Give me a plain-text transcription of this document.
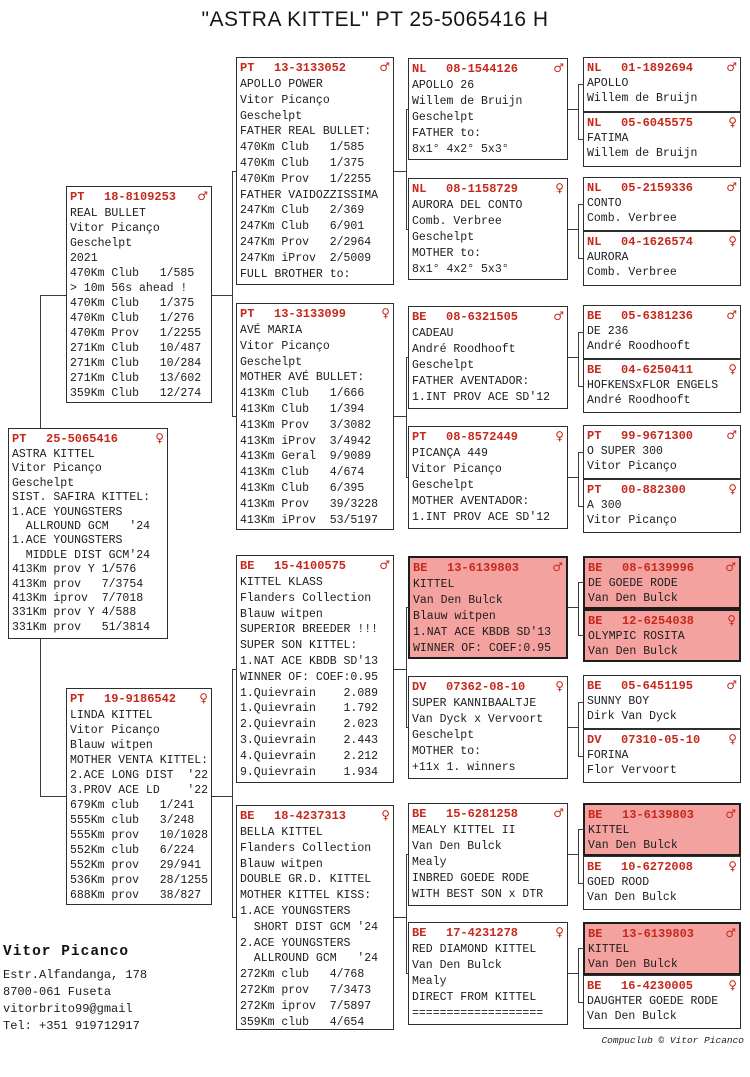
"ASTRA KITTEL" PT 25-5065416 H
PT	25-5065416	♀
ASTRA KITTEL
Vitor Picanço
Geschelpt
SIST. SAFIRA KITTEL:
1.ACE YOUNGSTERS
ALLROUND GCM   '24
1.ACE YOUNGSTERS
MIDDLE DIST GCM'24
413Km prov Y 1/576
413Km prov   7/3754
413Km iprov  7/7018
331Km prov Y 4/588
331Km prov   51/3814
PT	18-8109253	♂
REAL BULLET
Vitor Picanço
Geschelpt
2021
470Km Club   1/585
> 10m 56s ahead !
470Km Club   1/375
470Km Club   1/276
470Km Prov   1/2255
271Km Club   10/487
271Km Club   10/284
271Km Club   13/602
359Km Club   12/274
PT	19-9186542	♀
LINDA KITTEL
Vitor Picanço
Blauw witpen
MOTHER VENTA KITTEL:
2.ACE LONG DIST  '22
3.PROV ACE LD    '22
679Km club   1/241
555Km club   3/248
555Km prov   10/1028
552Km club   6/224
552Km prov   29/941
536Km prov   28/1255
688Km prov   38/827
PT	13-3133052	♂
APOLLO POWER
Vitor Picanço
Geschelpt
FATHER REAL BULLET:
470Km Club   1/585
470Km Club   1/375
470Km Prov   1/2255
FATHER VAIDOZZISSIMA
247Km Club   2/369
247Km Club   6/901
247Km Prov   2/2964
247Km iProv  2/5009
FULL BROTHER to:
PT	13-3133099	♀
AVÉ MARIA
Vitor Picanço
Geschelpt
MOTHER AVÉ BULLET:
413Km Club   1/666
413Km Club   1/394
413Km Prov   3/3082
413Km iProv  3/4942
413Km Geral  9/9089
413Km Club   4/674
413Km Club   6/395
413Km Prov   39/3228
413Km iProv  53/5197
BE	15-4100575	♂
KITTEL KLASS
Flanders Collection
Blauw witpen
SUPERIOR BREEDER !!!
SUPER SON KITTEL:
1.NAT ACE KBDB SD'13
WINNER OF: COEF:0.95
1.Quievrain    2.089
1.Quievrain    1.792
2.Quievrain    2.023
3.Quievrain    2.443
4.Quievrain    2.212
9.Quievrain    1.934
BE	18-4237313	♀
BELLA KITTEL
Flanders Collection
Blauw witpen
DOUBLE GR.D. KITTEL
MOTHER KITTEL KISS:
1.ACE YOUNGSTERS
SHORT DIST GCM '24
2.ACE YOUNGSTERS
ALLROUND GCM   '24
272Km club   4/768
272Km prov   7/3473
272Km iprov  7/5897
359Km club   4/654
NL	08-1544126	♂
APOLLO 26
Willem de Bruijn
Geschelpt
FATHER to:
8x1° 4x2° 5x3°
NL	08-1158729	♀
AURORA DEL CONTO
Comb. Verbree
Geschelpt
MOTHER to:
8x1° 4x2° 5x3°
BE	08-6321505	♂
CADEAU
André Roodhooft
Geschelpt
FATHER AVENTADOR:
1.INT PROV ACE SD'12
PT	08-8572449	♀
PICANÇA 449
Vitor Picanço
Geschelpt
MOTHER AVENTADOR:
1.INT PROV ACE SD'12
BE	13-6139803	♂
KITTEL
Van Den Bulck
Blauw witpen
1.NAT ACE KBDB SD'13
WINNER OF: COEF:0.95
DV	07362-08-10	♀
SUPER KANNIBAALTJE
Van Dyck x Vervoort
Geschelpt
MOTHER to:
+11x 1. winners
BE	15-6281258	♂
MEALY KITTEL II
Van Den Bulck
Mealy
INBRED GOEDE RODE
WITH BEST SON x DTR
BE	17-4231278	♀
RED DIAMOND KITTEL
Van Den Bulck
Mealy
DIRECT FROM KITTEL
===================
NL	01-1892694	♂
APOLLO
Willem de Bruijn
NL	05-6045575	♀
FATIMA
Willem de Bruijn
NL	05-2159336	♂
CONTO
Comb. Verbree
NL	04-1626574	♀
AURORA
Comb. Verbree
BE	05-6381236	♂
DE 236
André Roodhooft
BE	04-6250411	♀
HOFKENSxFLOR ENGELS
André Roodhooft
PT	99-9671300	♂
O SUPER 300
Vitor Picanço
PT	00-882300	♀
A 300
Vitor Picanço
BE	08-6139996	♂
DE GOEDE RODE
Van Den Bulck
BE	12-6254038	♀
OLYMPIC ROSITA
Van Den Bulck
BE	05-6451195	♂
SUNNY BOY
Dirk Van Dyck
DV	07310-05-10	♀
FORINA
Flor Vervoort
BE	13-6139803	♂
KITTEL
Van Den Bulck
BE	10-6272008	♀
GOED ROOD
Van Den Bulck
BE	13-6139803	♂
KITTEL
Van Den Bulck
BE	16-4230005	♀
DAUGHTER GOEDE RODE
Van Den Bulck
Vitor Picanco
Estr.Alfandanga, 178
8700-061 Fuseta
vitorbrito99@gmail
Tel: +351 919712917
Compuclub © Vitor Picanco
